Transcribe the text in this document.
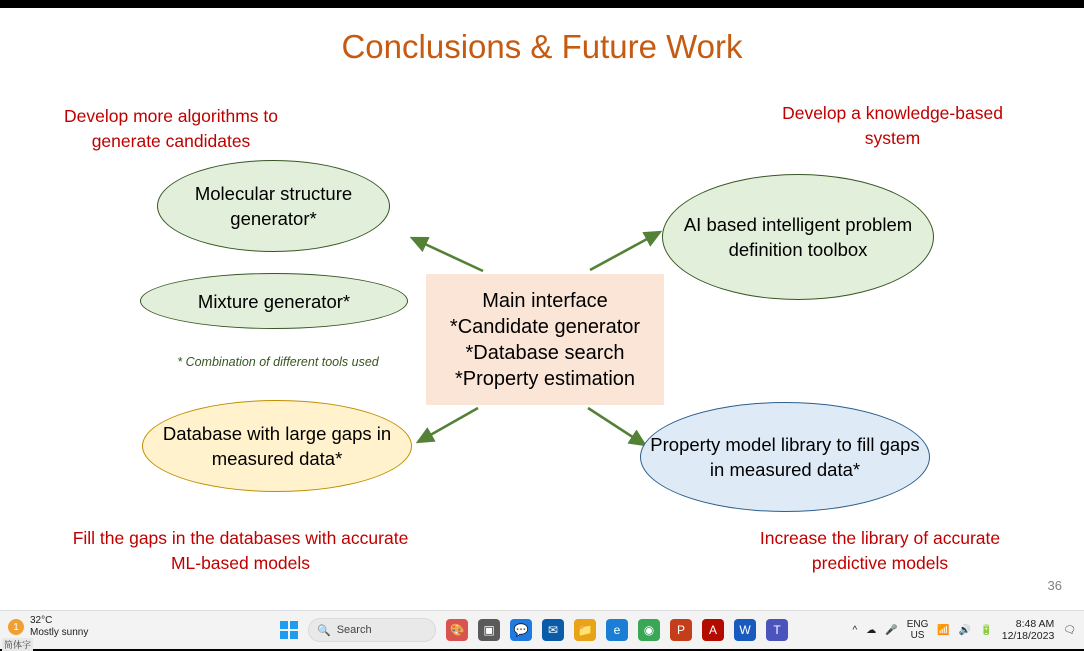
Conclusions & Future Work
Develop more algorithms to generate candidates
Develop a knowledge-based system
Fill the gaps in the databases with accurate ML-based models
Increase the library of accurate predictive models
* Combination of different tools used
Molecular structure generator*
Mixture generator*
AI based intelligent problem definition toolbox
Database with large gaps in measured data*
Property model library to fill gaps in measured data*
Main interface
*Candidate generator
*Database search
*Property estimation
36
1
32°C
Mostly sunny
简体字
🔍 Search	🎨	▣	💬	✉	📁	e	◉	P	A	W	T	^ ☁ 🎤 ENG
US	📶 🔊 🔋	8:48 AM
12/18/2023 🗨
